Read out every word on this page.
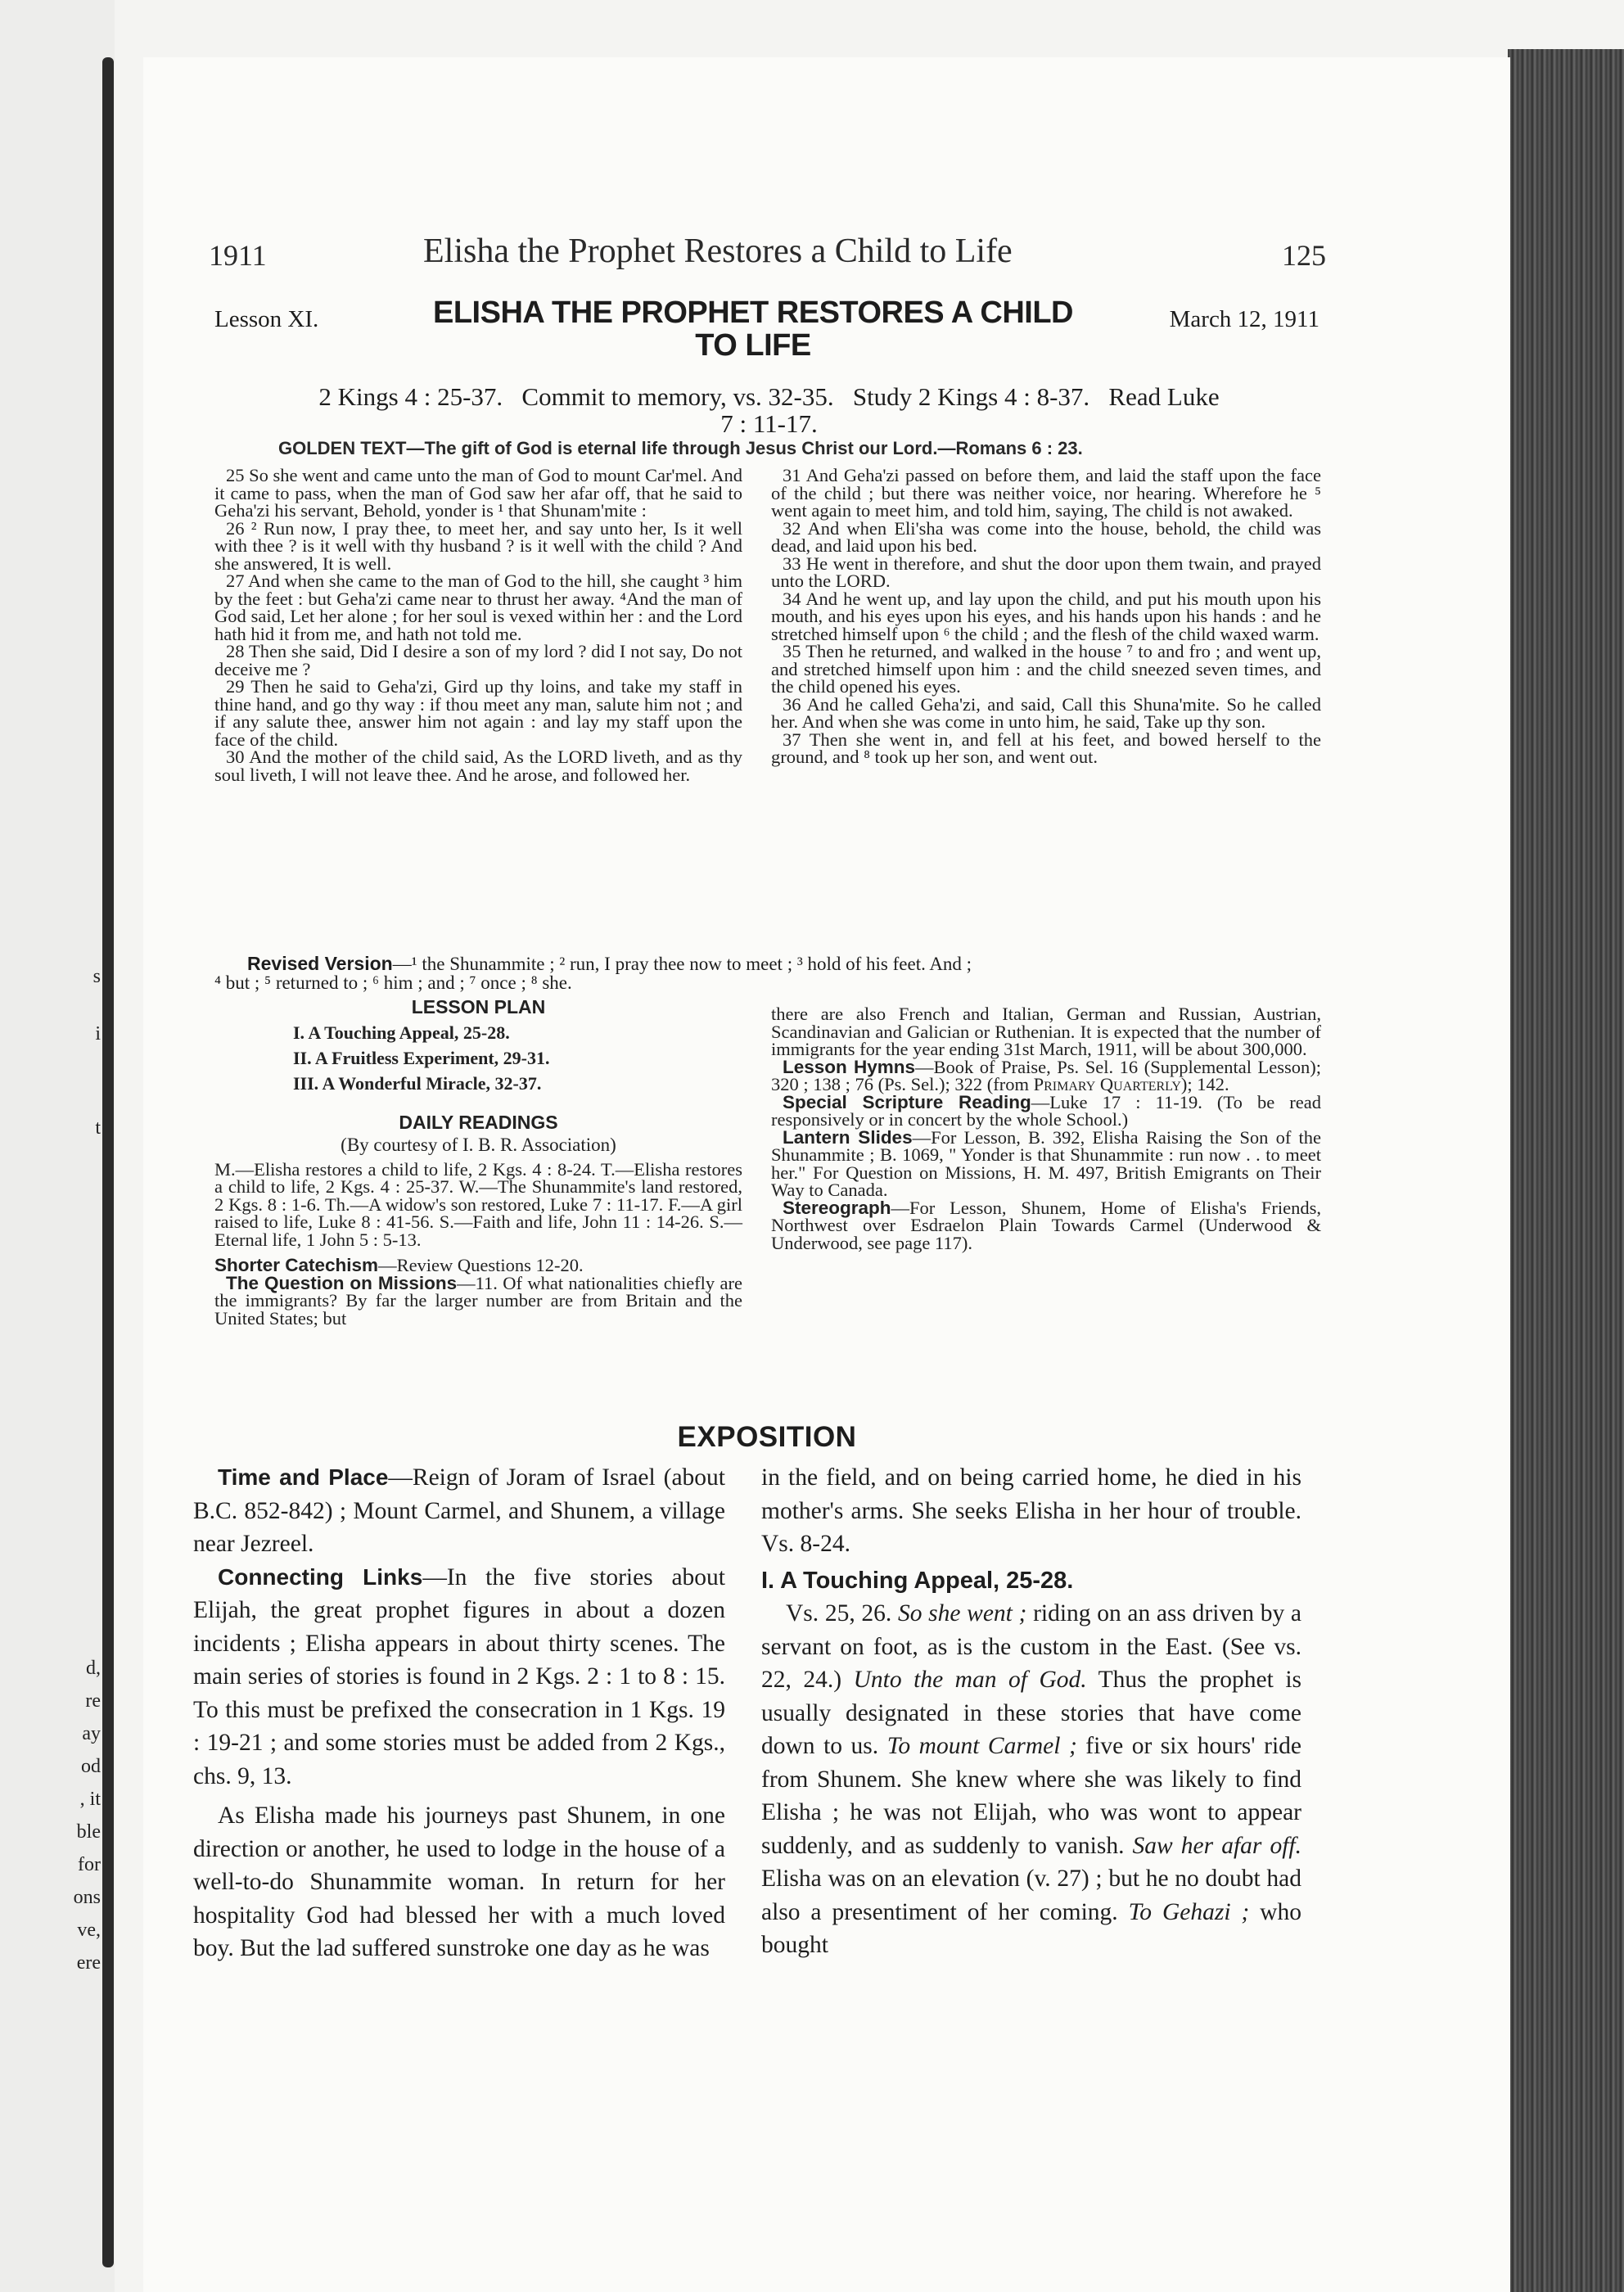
s
i
t
d,
re
ay
od
, it
ble
for
ons
ve,
ere
1911	Elisha the Prophet Restores a Child to Life	125
Lesson XI.	ELISHA THE PROPHET RESTORES A CHILD
TO LIFE
March 12, 1911
2 Kings 4 : 25-37.   Commit to memory, vs. 32-35.   Study 2 Kings 4 : 8-37.   Read Luke
7 : 11-17.
GOLDEN TEXT—The gift of God is eternal life through Jesus Christ our Lord.—Romans 6 : 23.

25 So she went and came unto the man of God to mount Car'mel. And it came to pass, when the man of God saw her afar off, that he said to Geha'zi his servant, Behold, yonder is ¹ that Shunam'mite :

26 ² Run now, I pray thee, to meet her, and say unto her, Is it well with thee ? is it well with thy husband ? is it well with the child ? And she answered, It is well.

27 And when she came to the man of God to the hill, she caught ³ him by the feet : but Geha'zi came near to thrust her away. ⁴And the man of God said, Let her alone ; for her soul is vexed within her : and the Lord hath hid it from me, and hath not told me.

28 Then she said, Did I desire a son of my lord ? did I not say, Do not deceive me ?

29 Then he said to Geha'zi, Gird up thy loins, and take my staff in thine hand, and go thy way : if thou meet any man, salute him not ; and if any salute thee, answer him not again : and lay my staff upon the face of the child.

30 And the mother of the child said, As the LORD liveth, and as thy soul liveth, I will not leave thee. And he arose, and followed her.

31 And Geha'zi passed on before them, and laid the staff upon the face of the child ; but there was neither voice, nor hearing. Wherefore he ⁵ went again to meet him, and told him, saying, The child is not awaked.

32 And when Eli'sha was come into the house, behold, the child was dead, and laid upon his bed.

33 He went in therefore, and shut the door upon them twain, and prayed unto the LORD.

34 And he went up, and lay upon the child, and put his mouth upon his mouth, and his eyes upon his eyes, and his hands upon his hands : and he stretched himself upon ⁶ the child ; and the flesh of the child waxed warm.

35 Then he returned, and walked in the house ⁷ to and fro ; and went up, and stretched himself upon him : and the child sneezed seven times, and the child opened his eyes.

36 And he called Geha'zi, and said, Call this Shuna'mite. So he called her. And when she was come in unto him, he said, Take up thy son.

37 Then she went in, and fell at his feet, and bowed herself to the ground, and ⁸ took up her son, and went out.

Revised Version—¹ the Shunammite ; ² run, I pray thee now to meet ; ³ hold of his feet. And ;
⁴ but ; ⁵ returned to ; ⁶ him ; and ; ⁷ once ; ⁸ she.
LESSON PLAN
I. A Touching Appeal, 25-28.
II. A Fruitless Experiment, 29-31.
III. A Wonderful Miracle, 32-37.
DAILY READINGS
(By courtesy of I. B. R. Association)

M.—Elisha restores a child to life, 2 Kgs. 4 : 8-24. T.—Elisha restores a child to life, 2 Kgs. 4 : 25-37. W.—The Shunammite's land restored, 2 Kgs. 8 : 1-6. Th.—A widow's son restored, Luke 7 : 11-17. F.—A girl raised to life, Luke 8 : 41-56. S.—Faith and life, John 11 : 14-26. S.—Eternal life, 1 John 5 : 5-13.

Shorter Catechism—Review Questions 12-20.

The Question on Missions—11. Of what nationalities chiefly are the immigrants? By far the larger number are from Britain and the United States; but

there are also French and Italian, German and Russian, Austrian, Scandinavian and Galician or Ruthenian. It is expected that the number of immigrants for the year ending 31st March, 1911, will be about 300,000.

Lesson Hymns—Book of Praise, Ps. Sel. 16 (Supplemental Lesson); 320 ; 138 ; 76 (Ps. Sel.); 322 (from Primary Quarterly); 142.

Special Scripture Reading—Luke 17 : 11-19. (To be read responsively or in concert by the whole School.)

Lantern Slides—For Lesson, B. 392, Elisha Raising the Son of the Shunammite ; B. 1069, " Yonder is that Shunammite : run now . . to meet her." For Question on Missions, H. M. 497, British Emigrants on Their Way to Canada.

Stereograph—For Lesson, Shunem, Home of Elisha's Friends, Northwest over Esdraelon Plain Towards Carmel (Underwood & Underwood, see page 117).

EXPOSITION

Time and Place—Reign of Joram of Israel (about B.C. 852-842) ; Mount Carmel, and Shunem, a village near Jezreel.

Connecting Links—In the five stories about Elijah, the great prophet figures in about a dozen incidents ; Elisha appears in about thirty scenes. The main series of stories is found in 2 Kgs. 2 : 1 to 8 : 15. To this must be prefixed the consecration in 1 Kgs. 19 : 19-21 ; and some stories must be added from 2 Kgs., chs. 9, 13.

As Elisha made his journeys past Shunem, in one direction or another, he used to lodge in the house of a well-to-do Shunammite woman. In return for her hospitality God had blessed her with a much loved boy. But the lad suffered sunstroke one day as he was

in the field, and on being carried home, he died in his mother's arms. She seeks Elisha in her hour of trouble. Vs. 8-24.

I. A Touching Appeal, 25-28.

Vs. 25, 26. So she went ; riding on an ass driven by a servant on foot, as is the custom in the East. (See vs. 22, 24.) Unto the man of God. Thus the prophet is usually designated in these stories that have come down to us. To mount Carmel ; five or six hours' ride from Shunem. She knew where she was likely to find Elisha ; he was not Elijah, who was wont to appear suddenly, and as suddenly to vanish. Saw her afar off. Elisha was on an elevation (v. 27) ; but he no doubt had also a presentiment of her coming. To Gehazi ; who bought
